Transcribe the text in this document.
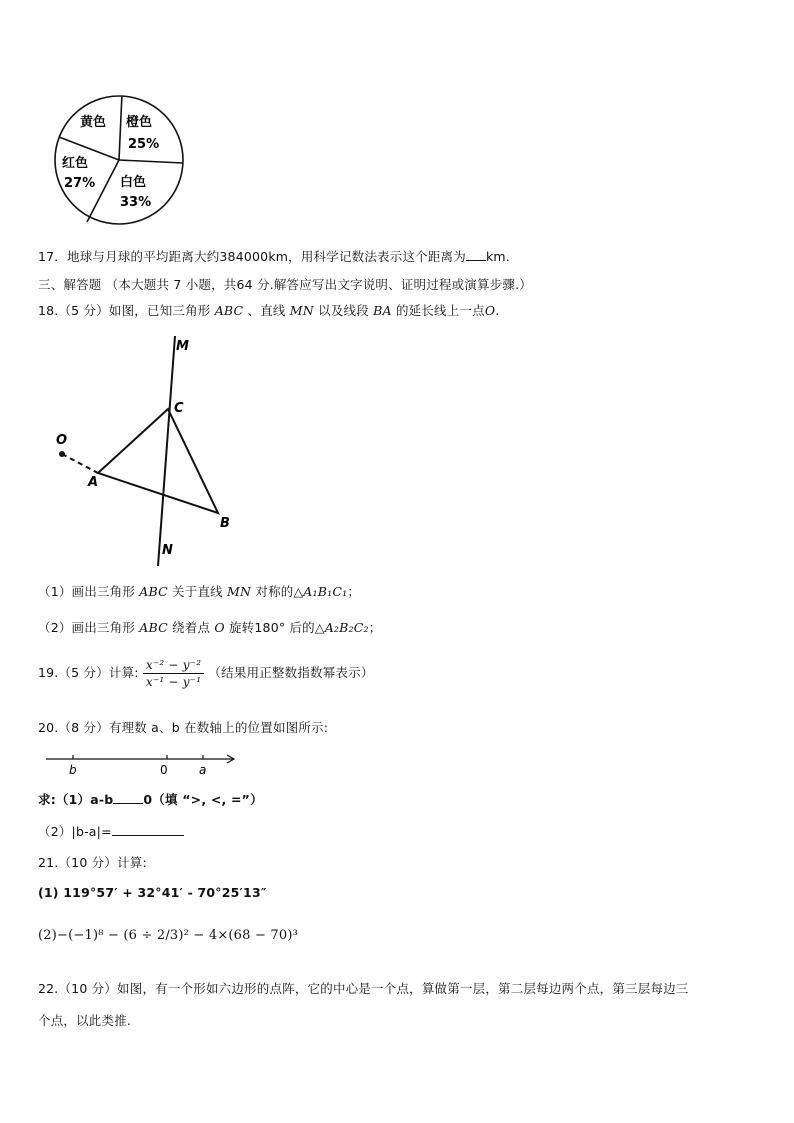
黄色 橙色
25%
红色
27% 白色
33%
17．地球与月球的平均距离大约384000km，用科学记数法表示这个距离为 km.
三、解答题 （本大题共 7 小题，共64 分.解答应写出文字说明、证明过程或演算步骤.）
18.（5 分）如图，已知三角形 ABC 、直线 MN 以及线段 BA 的延长线上一点O.
M
C
O
A
B
N
（1）画出三角形 ABC 关于直线 MN 对称的△A₁B₁C₁；
（2）画出三角形 ABC 绕着点 O 旋转180° 后的△A₂B₂C₂；
19.（5 分）计算: $\frac{\text{x⁻² − y⁻²}}{\text{x⁻¹ − y⁻¹}}$ （结果用正整数指数幂表示）
20.（8 分）有理数 a、b 在数轴上的位置如图所示:
b	0	a
求:（1）a-b 0（填 “>, <, =”）
（2）|b-a|=
21.（10 分）计算:
(1) 119°57′ + 32°41′ - 70°25′13″
(2)−(−1)⁸ − (6 ÷ 2/3)² − 4×(68 − 70)³
22.（10 分）如图，有一个形如六边形的点阵，它的中心是一个点，算做第一层，第二层每边两个点，第三层每边三
个点，以此类推.
